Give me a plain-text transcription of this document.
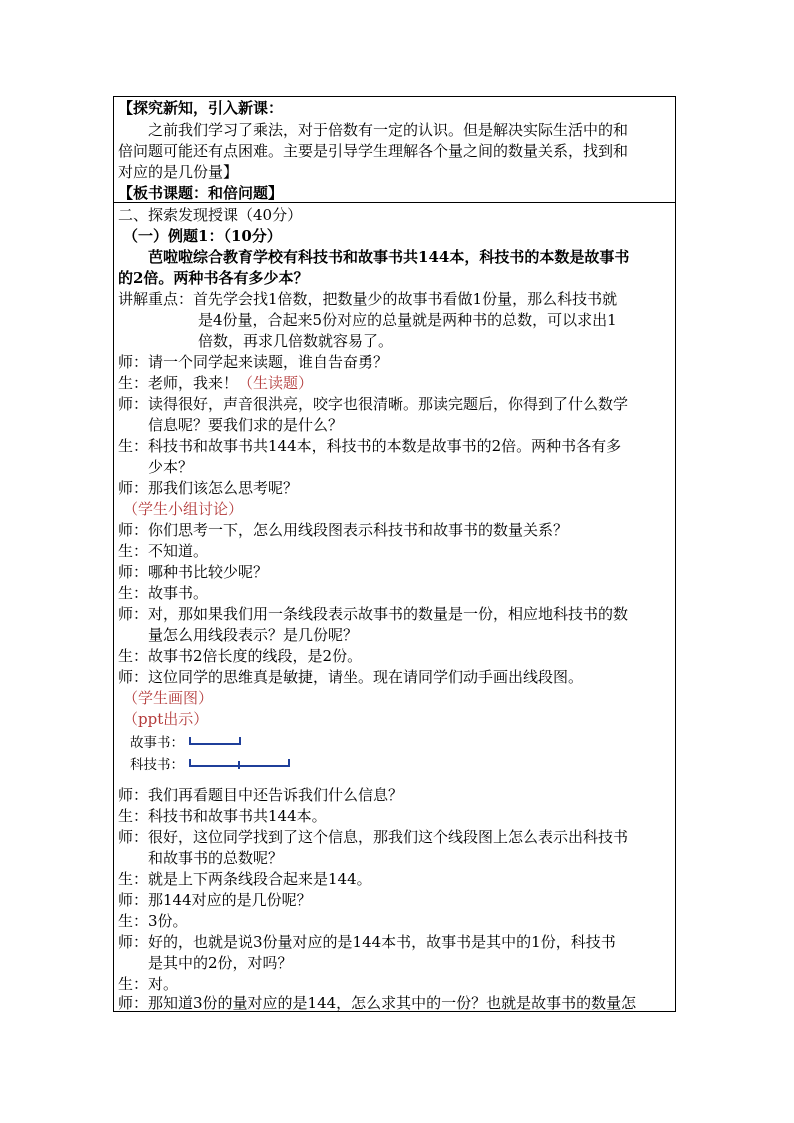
【探究新知，引入新课：
之前我们学习了乘法，对于倍数有一定的认识。但是解决实际生活中的和
倍问题可能还有点困难。主要是引导学生理解各个量之间的数量关系，找到和
对应的是几份量】
【板书课题：和倍问题】
二、探索发现授课（40分）
（一）例题1：（10分）
芭啦啦综合教育学校有科技书和故事书共144本，科技书的本数是故事书
的2倍。两种书各有多少本？
讲解重点：首先学会找1倍数，把数量少的故事书看做1份量，那么科技书就
是4份量，合起来5份对应的总量就是两种书的总数，可以求出1
倍数，再求几倍数就容易了。
师：请一个同学起来读题，谁自告奋勇？
生：老师，我来！（生读题）
师：读得很好，声音很洪亮，咬字也很清晰。那读完题后，你得到了什么数学
信息呢？要我们求的是什么？
生：科技书和故事书共144本，科技书的本数是故事书的2倍。两种书各有多
少本？
师：那我们该怎么思考呢？
（学生小组讨论）
师：你们思考一下，怎么用线段图表示科技书和故事书的数量关系？
生：不知道。
师：哪种书比较少呢？
生：故事书。
师：对，那如果我们用一条线段表示故事书的数量是一份，相应地科技书的数
量怎么用线段表示？是几份呢？
生：故事书2倍长度的线段，是2份。
师：这位同学的思维真是敏捷，请坐。现在请同学们动手画出线段图。
（学生画图）
（ppt出示）
故事书：
科技书：
师：我们再看题目中还告诉我们什么信息？
生：科技书和故事书共144本。
师：很好，这位同学找到了这个信息，那我们这个线段图上怎么表示出科技书
和故事书的总数呢？
生：就是上下两条线段合起来是144。
师：那144对应的是几份呢？
生：3份。
师：好的，也就是说3份量对应的是144本书，故事书是其中的1份，科技书
是其中的2份，对吗？
生：对。
师：那知道3份的量对应的是144，怎么求其中的一份？也就是故事书的数量怎
